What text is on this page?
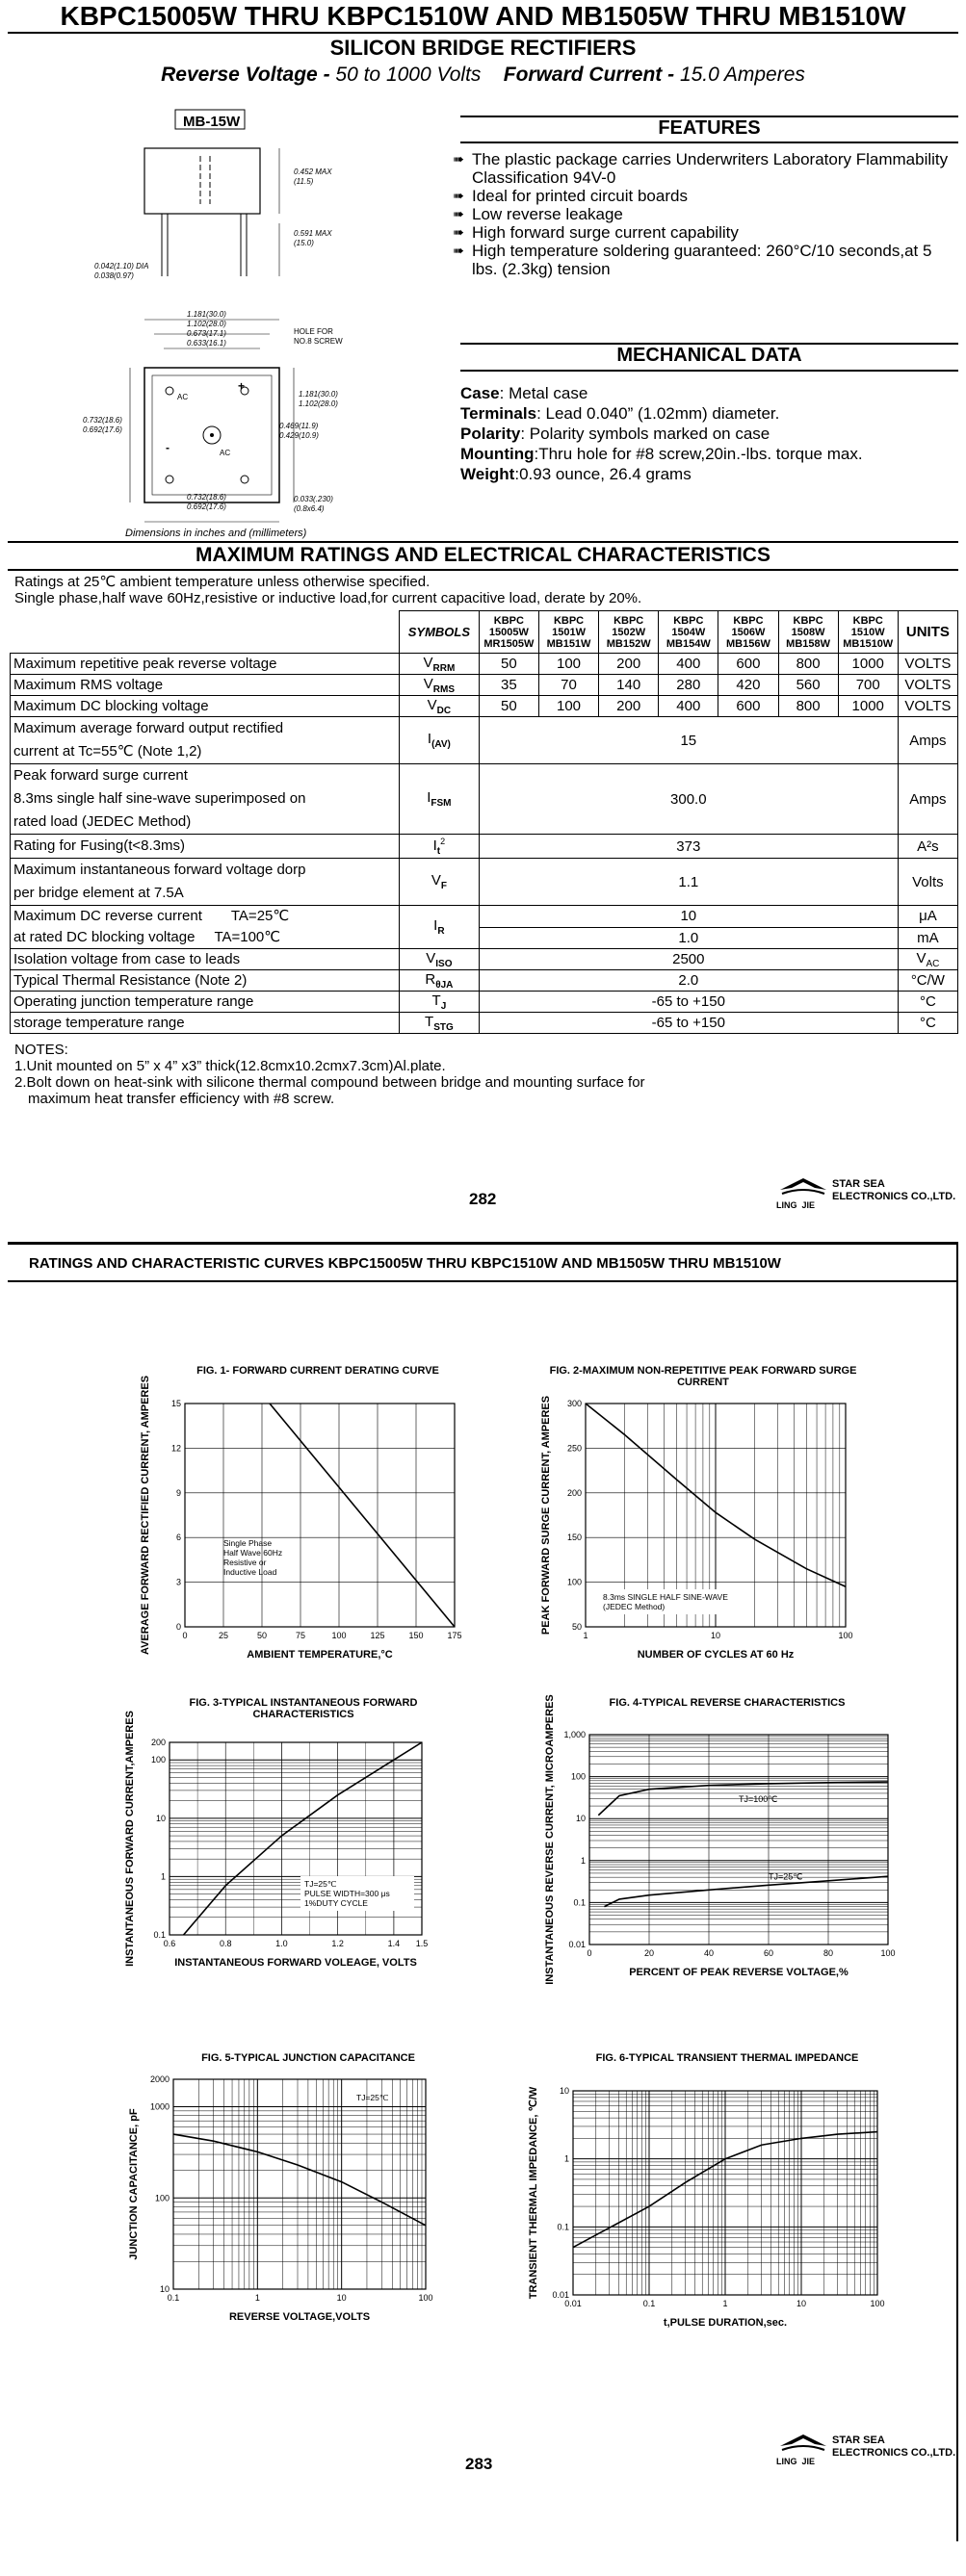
KBPC15005W THRU KBPC1510W AND MB1505W THRU MB1510W
SILICON BRIDGE RECTIFIERS
Reverse Voltage - 50 to 1000 Volts Forward Current - 15.0 Amperes
MB-15W
0.452 MAX
(11.5)
0.591 MAX
(15.0)
0.042(1.10) DIA
0.038(0.97)
1.181(30.0)
1.102(28.0)
0.673(17.1)
0.633(16.1)
HOLE FOR
NO.8 SCREW
1.181(30.0)
1.102(28.0)
0.732(18.6)
0.692(17.6)	0.469(11.9)
0.429(10.9)
0.732(18.6)
0.692(17.6)
0.033(.230)
(0.8x6.4)
AC
AC
+
-
Dimensions in inches and (millimeters)
FEATURES
➠ The plastic package carries Underwriters Laboratory Flammability Classification 94V-0
➠ Ideal for printed circuit boards
➠ Low reverse leakage
➠ High forward surge current capability
➠ High temperature soldering guaranteed: 260°C/10 seconds,at 5 lbs. (2.3kg) tension
MECHANICAL DATA

Case: Metal case

Terminals: Lead 0.040” (1.02mm) diameter.

Polarity: Polarity symbols marked on case

Mounting:Thru hole for #8 screw,20in.-lbs. torque max.

Weight:0.93 ounce, 26.4 grams

MAXIMUM RATINGS AND ELECTRICAL CHARACTERISTICS
Ratings at 25℃ ambient temperature unless otherwise specified.
Single phase,half wave 60Hz,resistive or inductive load,for current capacitive load, derate by 20%.
	SYMBOLS	KBPC
15005W
MR1505W	KBPC
1501W
MB151W	KBPC
1502W
MB152W	KBPC
1504W
MB154W	KBPC
1506W
MB156W	KBPC
1508W
MB158W	KBPC
1510W
MB1510W	UNITS
Maximum repetitive peak reverse voltage	$V_{RRM}$	50	100	200	400	600	800	1000	VOLTS
Maximum RMS voltage	$V_{RMS}$	35	70	140	280	420	560	700	VOLTS
Maximum DC blocking voltage	$V_{DC}$	50	100	200	400	600	800	1000	VOLTS

Maximum average forward output rectified
current at Tc=55℃ (Note 1,2)	$I_{(AV)}$	15							Amps

Peak forward surge current
8.3ms single half sine-wave superimposed on
rated load (JEDEC Method)	$I_{FSM}$	300.0							Amps

Rating for Fusing(t<8.3ms)	$I_t^2$	373							A²s

Maximum instantaneous forward voltage dorp
per bridge element at 7.5A	$V_F$	1.1							Volts

Maximum DC reverse current TA=25℃
at rated DC blocking voltage TA=100℃	$I_R$	10							μA
		1.0							mA
Isolation voltage from case to leads	$V_{ISO}$	2500							$V_{AC}$
Typical Thermal Resistance (Note 2)	$R_{\theta JA}$	2.0							°C/W
Operating junction temperature range	$T_J$	-65 to +150							°C
storage temperature range	$T_{STG}$	-65 to +150							°C
NOTES:
1.Unit mounted on 5” x 4” x3” thick(12.8cmx10.2cmx7.3cm)Al.plate.
2.Bolt down on heat-sink with silicone thermal compound between bridge and mounting surface for
maximum heat transfer efficiency with #8 screw.
282	LING JIE
STAR SEA
ELECTRONICS CO.,LTD.
RATINGS AND CHARACTERISTIC CURVES KBPC15005W THRU KBPC1510W AND MB1505W THRU MB1510W
FIG. 1- FORWARD CURRENT DERATING CURVE	FIG. 2-MAXIMUM NON-REPETITIVE PEAK FORWARD SURGE CURRENT
FIG. 3-TYPICAL INSTANTANEOUS FORWARD CHARACTERISTICS
FIG. 4-TYPICAL REVERSE CHARACTERISTICS
FIG. 5-TYPICAL JUNCTION CAPACITANCE	FIG. 6-TYPICAL TRANSIENT THERMAL IMPEDANCE
0	25	50	75	100	125	150	175
0
3
6
9
12
15
AMBIENT TEMPERATURE,°C
AVERAGE FORWARD RECTIFIED CURRENT, AMPERES	Single Phase
Half Wave 60Hz
Resistive or
Inductive Load
1	10	100
50
100
150
200
250
300
NUMBER OF CYCLES AT 60 Hz
PEAK FORWARD SURGE CURRENT, AMPERES	8.3ms SINGLE HALF SINE-WAVE
(JEDEC Method)
0.6	0.8	1.0	1.2	1.4 1.5
0.1
1
10
100
200
INSTANTANEOUS FORWARD VOLEAGE, VOLTS
INSTANTANEOUS FORWARD CURRENT,AMPERES	TJ=25℃
PULSE WIDTH=300 μs
1%DUTY CYCLE
0	20	40	60	80	100
0.01
0.1
1
10
100
1,000
PERCENT OF PEAK REVERSE VOLTAGE,%
INSTANTANEOUS REVERSE CURRENT, MICROAMPERES	TJ=100℃
TJ=25℃
0.1	1	10	100
10
100
1000
2000
REVERSE VOLTAGE,VOLTS
JUNCTION CAPACITANCE, pF
TJ=25℃
0.01	0.1	1	10	100
0.01
0.1
1
10
t,PULSE DURATION,sec.
TRANSIENT THERMAL IMPEDANCE, ℃/W
283	LING JIE
STAR SEA
ELECTRONICS CO.,LTD.
